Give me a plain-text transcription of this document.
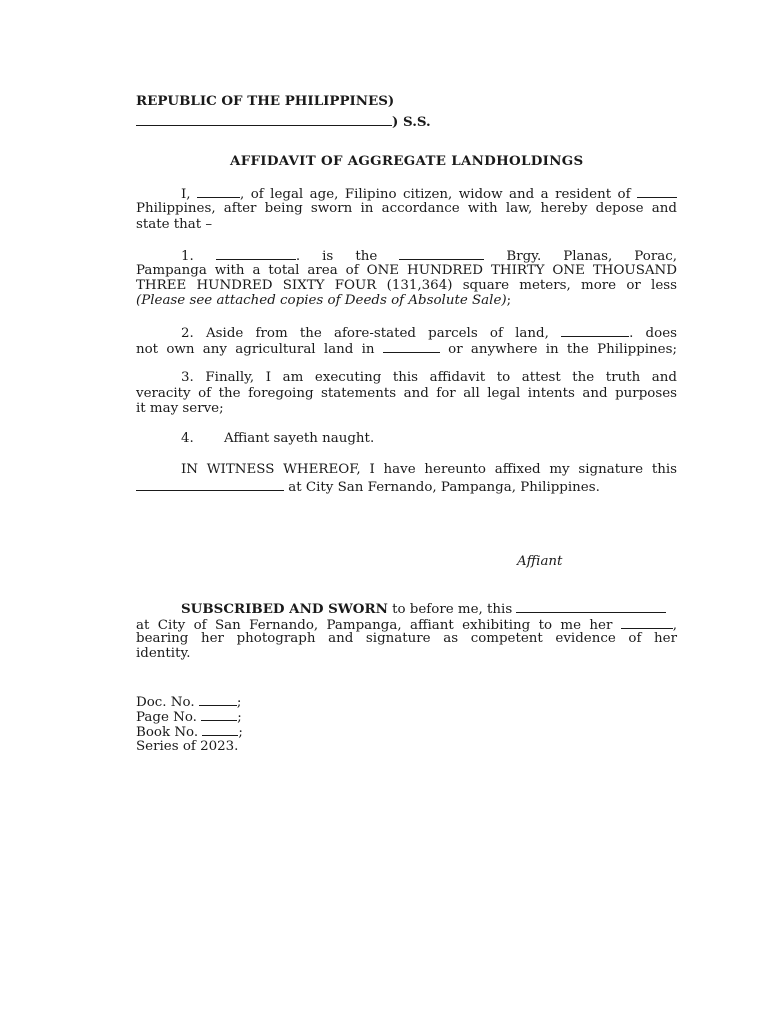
REPUBLIC OF THE PHILIPPINES)

) S.S.

AFFIDAVIT OF AGGREGATE LANDHOLDINGS

I,	, of legal age, Filipino citizen, widow and a resident of

Philippines, after being sworn in accordance with law, hereby depose and

state that –

1.	. is the	Brgy. Planas, Porac,

Pampanga with a total area of ONE HUNDRED THIRTY ONE THOUSAND

THREE HUNDRED SIXTY FOUR (131,364) square meters, more or less

(Please see attached copies of Deeds of Absolute Sale);

2. Aside from the afore-stated parcels of land,	. does

not own any agricultural land in	or anywhere in the Philippines;

3. Finally, I am executing this affidavit to attest the truth and

veracity of the foregoing statements and for all legal intents and purposes

it may serve;

4. Affiant sayeth naught.

IN WITNESS WHEREOF, I have hereunto affixed my signature this

at City San Fernando, Pampanga, Philippines.

Affiant

SUBSCRIBED AND SWORN to before me, this

at City of San Fernando, Pampanga, affiant exhibiting to me her	,

bearing her photograph and signature as competent evidence of her

identity.

Doc. No.	;

Page No.	;

Book No.	;

Series of 2023.
